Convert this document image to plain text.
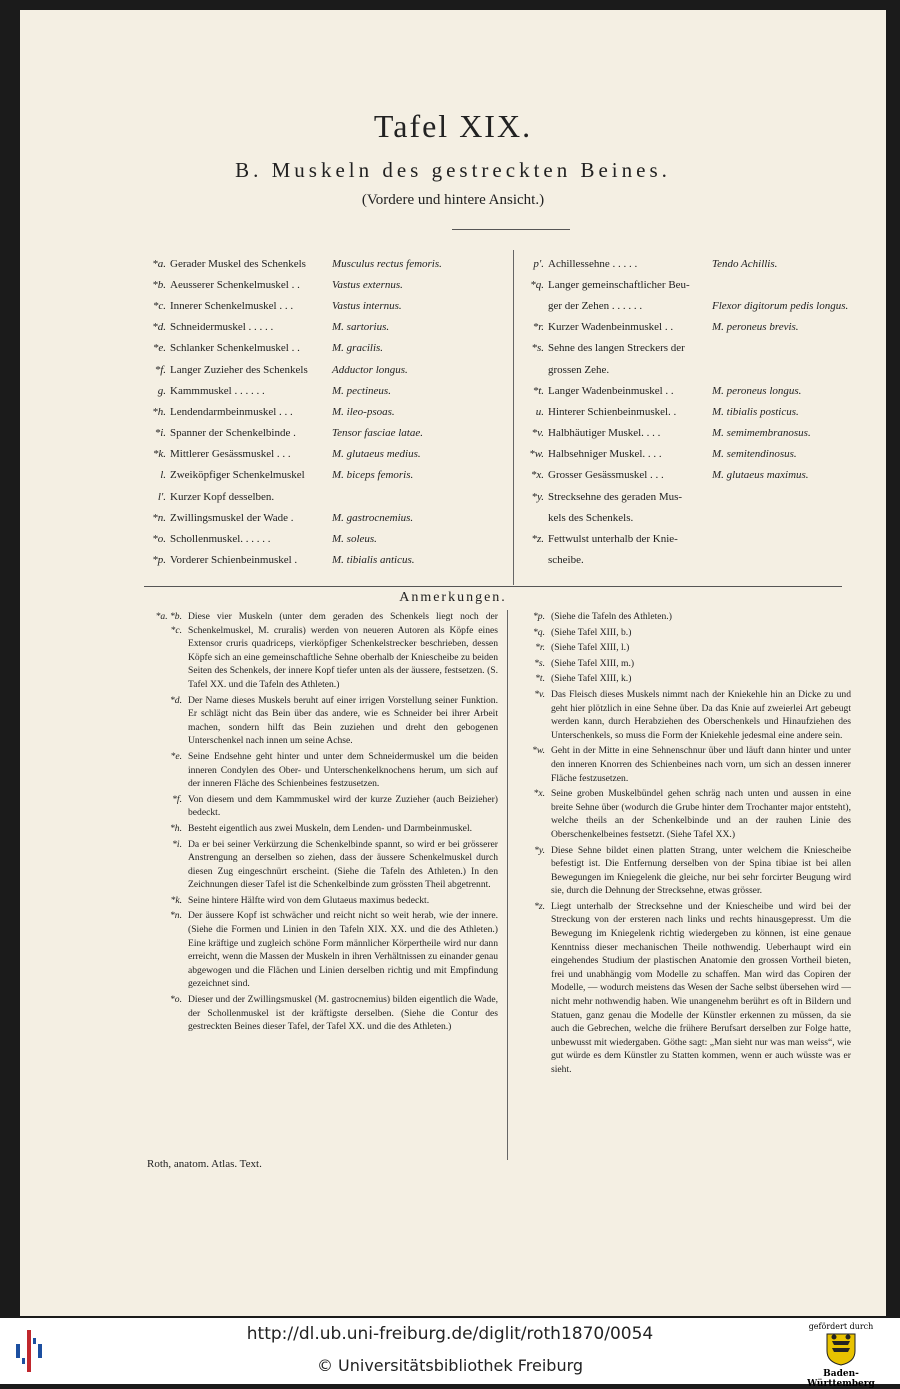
Tafel XIX.
B. Muskeln des gestreckten Beines.
(Vordere und hintere Ansicht.)
*a. Gerader Muskel des Schenkels	Musculus rectus femoris.
*b. Aeusserer Schenkelmuskel . .	Vastus externus.
*c. Innerer Schenkelmuskel . . .	Vastus internus.
*d. Schneidermuskel . . . . .	M. sartorius.
*e. Schlanker Schenkelmuskel . .	M. gracilis.
*f. Langer Zuzieher des Schenkels	Adductor longus.
g. Kammmuskel . . . . . .	M. pectineus.
*h. Lendendarmbeinmuskel . . .	M. ileo-psoas.
*i. Spanner der Schenkelbinde .	Tensor fasciae latae.
*k. Mittlerer Gesässmuskel . . .	M. glutaeus medius.
l. Zweiköpfiger Schenkelmuskel	M. biceps femoris.
l'. Kurzer Kopf desselben.
*n. Zwillingsmuskel der Wade .	M. gastrocnemius.
*o. Schollenmuskel. . . . . .	M. soleus.
*p. Vorderer Schienbeinmuskel .	M. tibialis anticus.
p'. Achillessehne . . . . .	Tendo Achillis.
*q. Langer gemeinschaftlicher Beu-
ger der Zehen . . . . . .	Flexor digitorum pedis longus.
*r. Kurzer Wadenbeinmuskel . .	M. peroneus brevis.
*s. Sehne des langen Streckers der
grossen Zehe.
*t. Langer Wadenbeinmuskel . .	M. peroneus longus.
u. Hinterer Schienbeinmuskel. .	M. tibialis posticus.
*v. Halbhäutiger Muskel. . . .	M. semimembranosus.
*w. Halbsehniger Muskel. . . .	M. semitendinosus.
*x. Grosser Gesässmuskel . . .	M. glutaeus maximus.
*y. Strecksehne des geraden Mus-
kels des Schenkels.
*z. Fettwulst unterhalb der Knie-
scheibe.
Anmerkungen.
*a. *b. *c.
Diese vier Muskeln (unter dem geraden des Schenkels liegt noch der Schenkelmuskel, M. cruralis) werden von neueren Autoren als Köpfe eines Extensor cruris quadriceps, vierköpfiger Schenkelstrecker beschrieben, dessen Köpfe sich an eine gemeinschaftliche Sehne oberhalb der Kniescheibe zu beiden Seiten des Schenkels, der innere Kopf tiefer unten als der äussere, festsetzen. (S. Tafel XX. und die Tafeln des Athleten.)
*d. Der Name dieses Muskels beruht auf einer irrigen Vorstellung seiner Funktion. Er schlägt nicht das Bein über das andere, wie es Schneider bei ihrer Arbeit machen, sondern hilft das Bein zuziehen und dreht den gebogenen Unterschenkel nach innen um seine Achse.
*e. Seine Endsehne geht hinter und unter dem Schneidermuskel um die beiden inneren Condylen des Ober- und Unterschenkelknochens herum, um sich auf der inneren Fläche des Schienbeines festzusetzen.
*f. Von diesem und dem Kammmuskel wird der kurze Zuzieher (auch Beizieher) bedeckt.
*h. Besteht eigentlich aus zwei Muskeln, dem Lenden- und Darmbeinmuskel.
*i. Da er bei seiner Verkürzung die Schenkelbinde spannt, so wird er bei grösserer Anstrengung an derselben so ziehen, dass der äussere Schenkelmuskel durch diesen Zug eingeschnürt erscheint. (Siehe die Tafeln des Athleten.) In den Zeichnungen dieser Tafel ist die Schenkelbinde zum grössten Theil abgetrennt.
*k. Seine hintere Hälfte wird von dem Glutaeus maximus bedeckt.
*n. Der äussere Kopf ist schwächer und reicht nicht so weit herab, wie der innere. (Siehe die Formen und Linien in den Tafeln XIX. XX. und die des Athleten.) Eine kräftige und zugleich schöne Form männlicher Körpertheile wird nur dann erreicht, wenn die Massen der Muskeln in ihren Verhältnissen zu einander genau abgewogen und die Flächen und Linien derselben richtig und mit Empfindung gezeichnet sind.
*o. Dieser und der Zwillingsmuskel (M. gastrocnemius) bilden eigentlich die Wade, der Schollenmuskel ist der kräftigste derselben. (Siehe die Contur des gestreckten Beines dieser Tafel, der Tafel XX. und die des Athleten.)
*p. (Siehe die Tafeln des Athleten.)
*q. (Siehe Tafel XIII, b.)
*r. (Siehe Tafel XIII, l.)
*s. (Siehe Tafel XIII, m.)
*t. (Siehe Tafel XIII, k.)
*v. Das Fleisch dieses Muskels nimmt nach der Kniekehle hin an Dicke zu und geht hier plötzlich in eine Sehne über. Da das Knie auf zweierlei Art gebeugt werden kann, durch Herabziehen des Oberschenkels und Hinaufziehen des Unterschenkels, so muss die Form der Kniekehle jedesmal eine andere sein.
*w. Geht in der Mitte in eine Sehnenschnur über und läuft dann hinter und unter den inneren Knorren des Schienbeines nach vorn, um sich an dessen innerer Fläche festzusetzen.
*x. Seine groben Muskelbündel gehen schräg nach unten und aussen in eine breite Sehne über (wodurch die Grube hinter dem Trochanter major entsteht), welche theils an der Schenkelbinde und an der rauhen Linie des Oberschenkelbeines festsetzt. (Siehe Tafel XX.)
*y. Diese Sehne bildet einen platten Strang, unter welchem die Kniescheibe befestigt ist. Die Entfernung derselben von der Spina tibiae ist bei allen Bewegungen im Kniegelenk die gleiche, nur bei sehr forcirter Beugung wird sie, durch die Dehnung der Strecksehne, etwas grösser.
*z. Liegt unterhalb der Strecksehne und der Kniescheibe und wird bei der Streckung von der ersteren nach links und rechts hinausgepresst. Um die Bewegung im Kniegelenk richtig wiedergeben zu können, ist eine genaue Kenntniss dieser mechanischen Theile nothwendig. Ueberhaupt wird ein eingehendes Studium der plastischen Anatomie den grossen Vortheil bieten, frei und unabhängig vom Modelle zu schaffen. Man wird das Copiren der Modelle, — wodurch meistens das Wesen der Sache selbst übersehen wird — nicht mehr nothwendig haben. Wie unangenehm berührt es oft in Bildern und Statuen, ganz genau die Modelle der Künstler erkennen zu müssen, da sie auch die Gebrechen, welche die frühere Berufsart derselben zur Folge hatte, unbewusst mit wiedergaben. Göthe sagt: „Man sieht nur was man weiss“, wie gut würde es dem Künstler zu Statten kommen, wenn er auch wüsste was er sieht.
Roth, anatom. Atlas. Text.
http://dl.ub.uni-freiburg.de/diglit/roth1870/0054
© Universitätsbibliothek Freiburg
gefördert durch
Baden-Württemberg
